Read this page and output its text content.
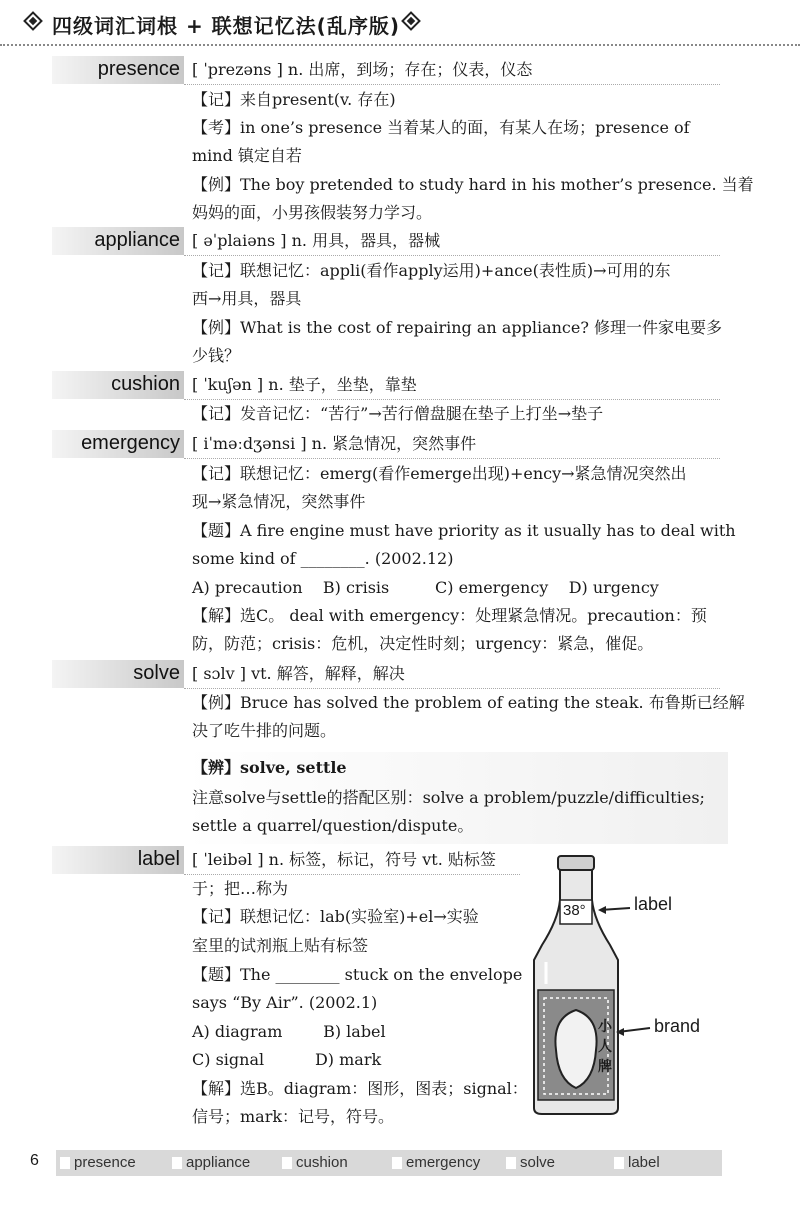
四级词汇词根 + 联想记忆法(乱序版)
presence [ ˈprezəns ] n. 出席，到场；存在；仪表，仪态
【记】来自present(v. 存在)
【考】in one’s presence 当着某人的面，有某人在场；presence of
mind 镇定自若
【例】The boy pretended to study hard in his mother’s presence. 当着
妈妈的面，小男孩假装努力学习。
appliance [ əˈplaiəns ] n. 用具，器具，器械
【记】联想记忆：appli(看作apply运用)+ance(表性质)→可用的东
西→用具，器具
【例】What is the cost of repairing an appliance? 修理一件家电要多
少钱？
cushion [ ˈkuʃən ] n. 垫子，坐垫，靠垫
【记】发音记忆：“苦行”→苦行僧盘腿在垫子上打坐→垫子
emergency [ iˈməːdʒənsi ] n. 紧急情况，突然事件
【记】联想记忆：emerg(看作emerge出现)+ency→紧急情况突然出
现→紧急情况，突然事件
【题】A fire engine must have priority as it usually has to deal with
some kind of ________. (2002.12)
A) precaution    B) crisis         C) emergency    D) urgency
【解】选C。 deal with emergency：处理紧急情况。precaution：预
防，防范；crisis：危机，决定性时刻；urgency：紧急，催促。
solve [ sɔlv ] vt. 解答，解释，解决
【例】Bruce has solved the problem of eating the steak. 布鲁斯已经解
决了吃牛排的问题。
【辨】solve, settle
注意solve与settle的搭配区别：solve a problem/puzzle/difficulties;
settle a quarrel/question/dispute。
label [ ˈleibəl ] n. 标签，标记，符号 vt. 贴标签
于；把…称为
【记】联想记忆：lab(实验室)+el→实验
室里的试剂瓶上贴有标签
【题】The ________ stuck on the envelope
says “By Air”. (2002.1)
A) diagram        B) label
C) signal          D) mark
【解】选B。diagram：图形，图表；signal：
信号；mark：记号，符号。
38°	label
brand
小
人
牌
6 presence	appliance	cushion	emergency	solve	label
